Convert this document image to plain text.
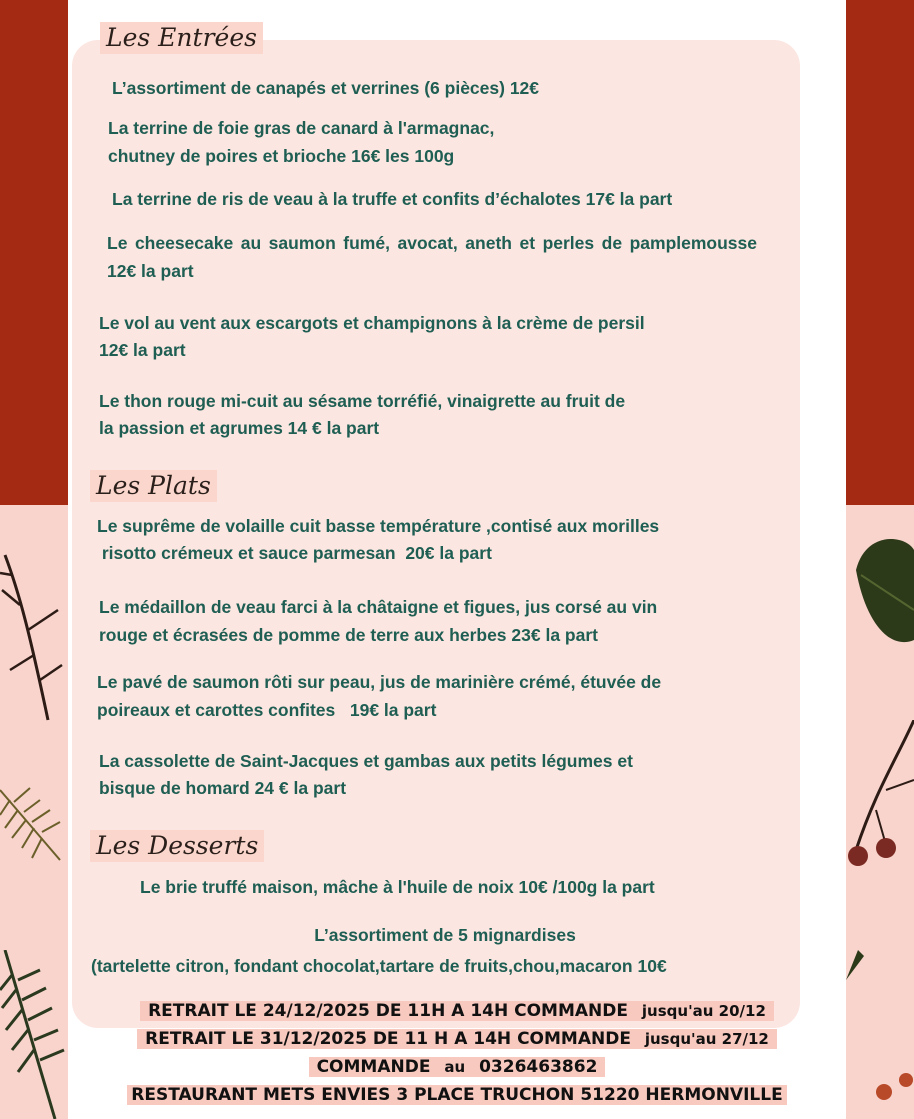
Les Entrées
L’assortiment de canapés et verrines (6 pièces) 12€
La terrine de foie gras de canard à l'armagnac,
chutney de poires et brioche 16€ les 100g
La terrine de ris de veau à la truffe et confits d’échalotes 17€ la part
Le cheesecake au saumon fumé, avocat, aneth et perles de pamplemousse 12€ la part
Le vol au vent aux escargots et champignons à la crème de persil
12€ la part
Le thon rouge mi-cuit au sésame torréfié, vinaigrette au fruit de
la passion et agrumes 14 € la part
Les Plats
Le suprême de volaille cuit basse température ,contisé aux morilles
risotto crémeux et sauce parmesan  20€ la part
Le médaillon de veau farci à la châtaigne et figues, jus corsé au vin
rouge et écrasées de pomme de terre aux herbes 23€ la part
Le pavé de saumon rôti sur peau, jus de marinière crémé, étuvée de
poireaux et carottes confites   19€ la part
La cassolette de Saint-Jacques et gambas aux petits légumes et
bisque de homard 24 € la part
Les Desserts
Le brie truffé maison, mâche à l'huile de noix 10€ /100g la part
L’assortiment de 5 mignardises
(tartelette citron, fondant chocolat,tartare de fruits,chou,macaron 10€
RETRAIT LE 24/12/2025 DE 11H A 14H COMMANDE jusqu'au 20/12
RETRAIT LE 31/12/2025 DE 11 H A 14H COMMANDE jusqu'au 27/12
COMMANDE au 0326463862
RESTAURANT METS ENVIES 3 PLACE TRUCHON 51220 HERMONVILLE
